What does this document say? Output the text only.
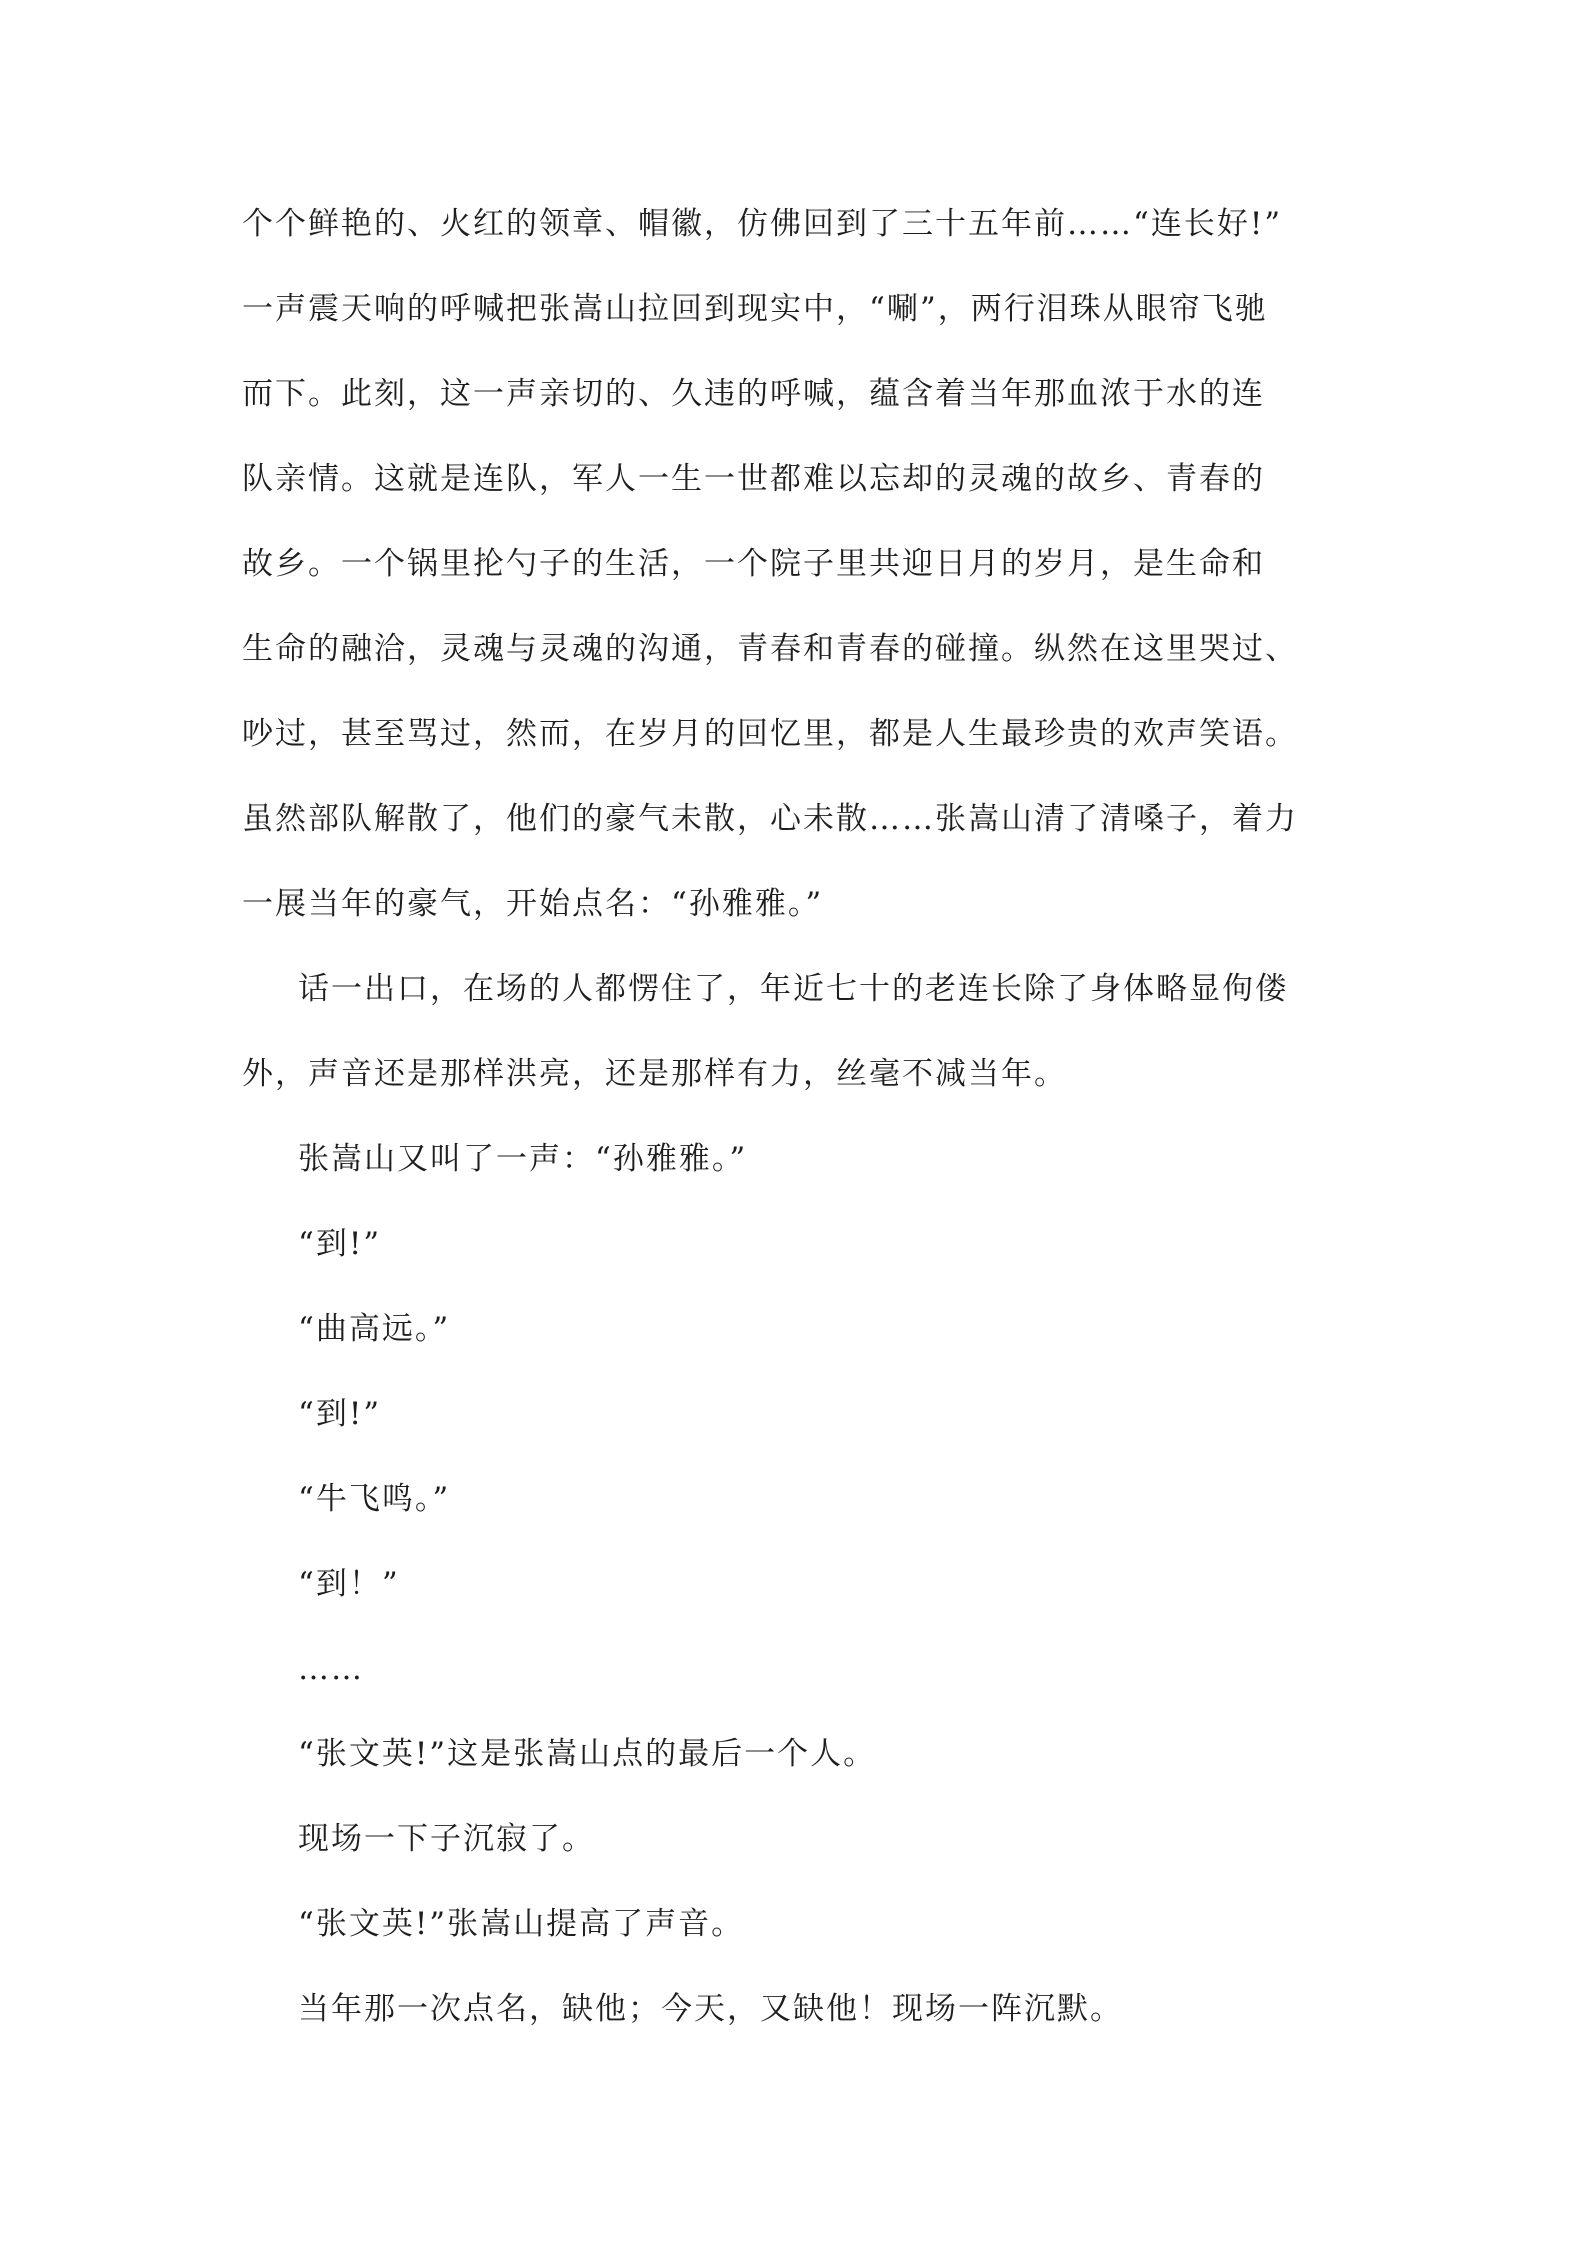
个个鲜艳的、火红的领章、帽徽，仿佛回到了三十五年前……“连长好!”
一声震天响的呼喊把张嵩山拉回到现实中，“唰”，两行泪珠从眼帘飞驰
而下。此刻，这一声亲切的、久违的呼喊，蕴含着当年那血浓于水的连
队亲情。这就是连队，军人一生一世都难以忘却的灵魂的故乡、青春的
故乡。一个锅里抡勺子的生活，一个院子里共迎日月的岁月，是生命和
生命的融洽，灵魂与灵魂的沟通，青春和青春的碰撞。纵然在这里哭过、
吵过，甚至骂过，然而，在岁月的回忆里，都是人生最珍贵的欢声笑语。
虽然部队解散了，他们的豪气未散，心未散……张嵩山清了清嗓子，着力
一展当年的豪气，开始点名：“孙雅雅。”
话一出口，在场的人都愣住了，年近七十的老连长除了身体略显佝偻
外，声音还是那样洪亮，还是那样有力，丝毫不减当年。
张嵩山又叫了一声：“孙雅雅。”
“到!”
“曲高远。”
“到!”
“牛飞鸣。”
“到！”
……
“张文英!”这是张嵩山点的最后一个人。
现场一下子沉寂了。
“张文英!”张嵩山提高了声音。
当年那一次点名，缺他；今天，又缺他！现场一阵沉默。
